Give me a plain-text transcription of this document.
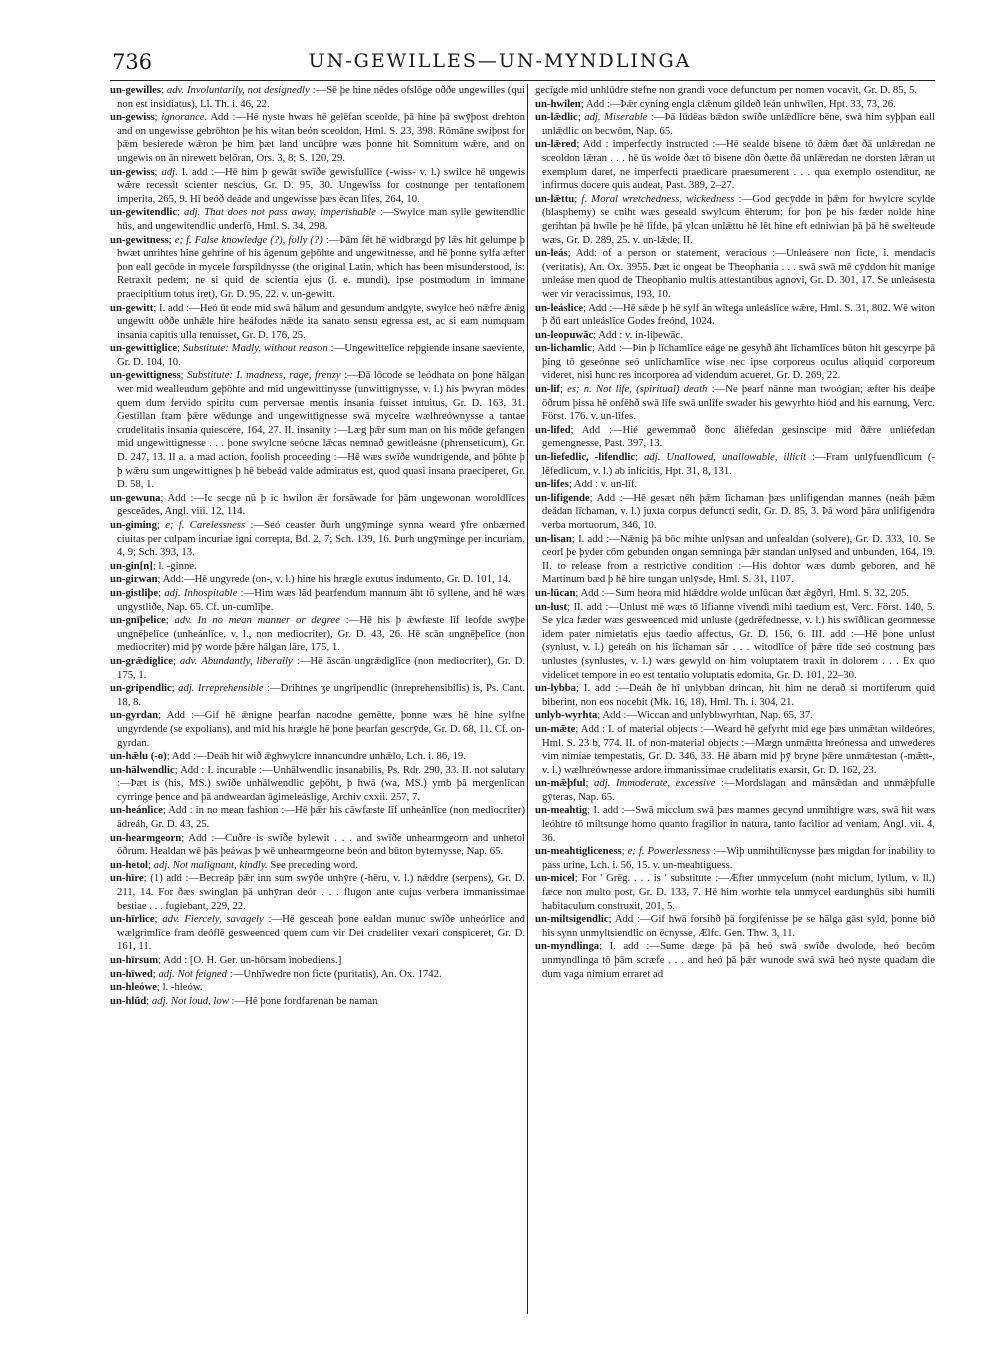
736	UN-GEWILLES—UN-MYNDLINGA

un-gewilles; adv. Involuntarily, not designedly :—Sē þe hine nēdes ofslōge oððe ungewilles (qui non est insidiatus), Ll. Th. i. 46, 22.

un-gewiss; ignorance. Add :—Hē nyste hwæs hē gelēfan sceolde, þā hine þā swȳþost drehton and on ungewisse gebrōhton þe his witan beón sceoldon, Hml. S. 23, 398. Rōmāne swiþost for þǣm besierede wǣron þe him þæt land uncūþre wæs þonne hit Somnitum wǣre, and on ungewis on ān nirewett belōran, Ors. 3, 8; S. 120, 29.

un-gewiss; adj. I. add :—Hē him þ gewāt swīðe gewisfullīce (-wiss- v. l.) swilce hē ungewis wǣre recessit scienter nescius, Gr. D. 95, 30. Ungewiss for costnunge per tentationem imperita, 265, 9. Hī beóð deáde and ungewisse þæs ēcan līfes, 264, 10.

un-gewitendlic; adj. That does not pass away, imperishable :—Swylce man sylle gewitendlic hūs, and ungewitendlic underfō, Hml. S. 34, 298.

un-gewitness; e; f. False knowledge (?), folly (?) :—Þām fēt hē widbrægd þȳ lǣs hit gelumpe þ hwæt unrihtes hine gehrine of his āgenum geþōhte and ungewitnesse, and hē þonne sylfa æfter þon eall gecōde in mycele forspildnysse (the original Latin, which has been misunderstood, is: Retraxit pedem; ne si quid de scientia ejus (i. e. mundi), ipse postmodum in immane praecipitium totus iret), Gr. D. 95, 22. v. un-gewitt.

un-gewitt; I. add :—Heó ūt eode mid swā hālum and gesundum andgyte, swylce heó nǣfre ǣnig ungewitt oððe unhǣle hire heáfodes nǣde ita sanato sensu egressa est, ac si eam numquam insania capitis ulla tenuisset, Gr. D. 176, 25.

un-gewittiglice; Substitute: Madly, without reason :—Ungewittelīce reþgiende insane saeviente, Gr. D. 104, 10.

un-gewittigness; Substitute: I. madness, rage, frenzy :—Ðā lōcode se leódhata on þone hālgan wer mid wealleudum geþōhte and mid ungewittinysse (unwittignysse, v. l.) his þwyran mōdes quem dum fervido spiritu cum perversae mentis insania fuisset intuitus, Gr. D. 163, 31. Gestillan fram þǣre wēdunge and ungewittignesse swā mycelre wælhreównysse a tantae crudelitatis insania quiescere, 164, 27. II. insanity :—Læg þǣr sum man on his mōde gefangen mid ungewittignesse . . . þone swylcne seócne lǣcas nemnað gewitleásne (phrenseticum), Gr. D. 247, 13. II a. a mad action, foolish proceeding :—Hē wæs swīðe wundrigende, and þōhte þ þ wǣru sum ungewittignes þ hē bebeád valde admiratus est, quod quasi insana praeciperet, Gr. D. 58, 1.

un-gewuna; Add :—Ic secge nū þ ic hwilon ǣr forsāwade for þām ungewonan woroldlīces gesceādes, Angl. viii. 12, 114.

un-giming; e; f. Carelessness :—Seó ceaster ðurh ungȳminge synna weard ȳfre onbærned ciuitas per culpam incuriae igni correpta, Bd. 2, 7; Sch. 139, 16. Þurh ungȳminge per incuriam, 4, 9; Sch. 393, 13.

un-gin[n]; l. -ginne.

un-girwan; Add:—Hē ungyrede (on-, v. l.) hine his hrægle exutus indumento, Gr. D. 101, 14.

un-gistliþe; adj. Inhospitable :—Him wæs lād þearfendum mannum āht tō syllene, and hē wæs ungystliðe, Nap. 65. Cf. un-cumlīþe.

un-gnīþelice; adv. In no mean manner or degree :—Hē his þ ǣwfæste līf leofde swȳþe ungnēþelīce (unheánlīce, v. l., non mediocriter), Gr. D. 43, 26. Hē scān ungnēþelīce (non mediocriter) mid þȳ worde þǣre hālgan lāre, 175, 1.

un-grǣdiglice; adv. Abundantly, liberally :—Hē āscān ungrǣdiglīce (non mediocriter), Gr. D. 175, 1.

un-gripendlic; adj. Irreprehensible :—Drihtnes ʒe ungrīpendlic (inreprehensibilis) is, Ps. Cant. 18, 8.

un-gyrdan; Add :—Gif hē ǣnigne þearfan nacodne gemētte, þonne wæs hē hine sylfne ungyrdende (se expolians), and mid his hrægle hē þone þearfan gescrȳde, Gr. D. 68, 11. Cf. on-gyrdan.

un-hǣlu (-o); Add :—Deáh hit wið ǣghwylcre innancundre unhǣlo, Lch. i. 86, 19.

un-hālwendlic; Add : I. incurable :—Unhālwendlic insanabilis, Ps. Rdr. 290, 33. II. not salutary :—Þæt is (his, MS.) swīðe unhālwendlic geþōht, þ hwā (wa, MS.) ymb þā mergenlīcan cyrringe þence and þā andweardan āgimeleáslige, Archiv cxxii. 257, 7.

un-heánlice; Add : in no mean fashion :—Hē þǣr his cāwfæste līf unheánlīce (non mediocriter) ādreáh, Gr. D. 43, 25.

un-hearmgeorn; Add :—Cuðre is swīðe bylewit . . . and swīðe unhearmgeorn and unhetol ōðrum. Healdan wē þās þeáwas þ wē unhearmgeorne beón and būton byternysse, Nap. 65.

un-hetol; adj. Not malignant, kindly. See preceding word.

un-hīre; (1) add :—Becreáp þǣr inn sum swȳðe unhȳre (-hēru, v. l.) nǣddre (serpens), Gr. D. 211, 14. For ðæs swinglan þā unhȳran deór . . . flugon ante cujus verbera immanissimae bestiae . . . fugiebant, 229, 22.

un-hīrlice; adv. Fiercely, savagely :—Hē gesceah þone ealdan munuc swīðe unheórlīce and wælgrimlīce fram deóflē gesweenced quem cum vir Dei crudeliter vexari conspiceret, Gr. D. 161, 11.

un-hīrsum; Add : [O. H. Ger. un-hōrsam inobediens.]

un-hīwed; adj. Not feigned :—Unhīwedre non ficte (puritatis), An. Ox. 1742.

un-hleówe; l. -hleów.

un-hlūd; adj. Not loud, low :—Hē þone fordfarenan be naman

gecīgde mid unhlūdre stefne non grandi voce defunctum per nomen vocavit, Gr. D. 85, 5.

un-hwilen; Add :—Þǣr cyning engla clǣnum gildeð leán unhwīlen, Hpt. 33, 73, 26.

un-lǣdlic; adj. Miserable :—Þā Iūdēas bǣdon swīðe unlǣdlīcre bēne, swā him syþþan eall unlǣdlic on becwōm, Nap. 65.

un-lǣred; Add : imperfectly instructed :—Hē sealde bisene tō ðǣm ðæt ðā unlǣredan ne sceoldon lǣran . . . hē ūs wolde ðæt tō bisene dōn ðætte ðā unlǣredan ne dorsten lǣran ut exemplum daret, ne imperfecti praedicare praesumerent . . . qua exemplo ostenditur, ne infirmus docere quis audeat, Past. 389, 2–27.

un-lǣttu; f. Moral wretchedness, wickedness :—God gecȳdde in þǣm for hwylcre scylde (blasphemy) se cniht wæs geseald swylcum ēhterum; for þon þe his fæder nolde hine gerihtan þā hwīle þe hē līfde, þā ylcan unlǣttu hē lēt hine eft edniwian þā þā hē swelteude wæs, Gr. D. 289, 25. v. un-lǣde; II.

un-leás; Add: of a person or statement, veracious :—Unleásere non ficte, i. mendacis (veritatis), An. Ox. 3955. Þæt ic ongeat be Theophania . . . swā swā mē cȳddon hit manige unleáse men quod de Theophanio multis attestantibus agnovi, Gr. D. 301, 17. Se unleásesta wer vir veracissimus, 193, 10.

un-leáslice; Add :—Hē sǣde þ hē sylf ān wītega unleáslīce wǣre, Hml. S. 31, 802. Wē witon þ ðū eart unleáslīce Godes freónd, 1024.

un-leopuwāc; Add : v. in-liþewāc.

un-lichamlic; Add :—Þin þ līchamlīce eáge ne gesyhð āht līchamlīces būton hit gescyrpe þā þing tō geseónne seó unlīchamlīce wise nec ipse corporeus oculus aliquid corporeum videret, nisi hunc res incorporea ad videndum acueret, Gr. D. 269, 22.

un-lif; es; n. Not life, (spiritual) death :—Ne þearf nānne man twoógian; æfter his deáþe ōðrum þissa hē onfēhð swā līfe swā unlīfe swader his gewyrhto hiód and his earnung, Verc. Först. 176. v. un-līfes.

un-lifed; Add :—Hié gewemmað ðonc āliéfedan gesinscipe mid ðǣre unliéfedan gemengnesse, Past. 397, 13.

un-liefedlic, -lifendlic; adj. Unallowed, unallowable, illicit :—Fram unlȳfuendlicum (-lēfedlicum, v. l.) ab inlicitis, Hpt. 31, 8, 131.

un-lifes; Add : v. un-līf.

un-lifigende; Add :—Hē gesæt nēh þǣm līchaman þæs unlifigendan mannes (neáh þǣm deádan līchaman, v. l.) juxta corpus defuncti sedit, Gr. D. 85, 3. Þā word þāra unlifigendra verba mortuorum, 346, 10.

un-lisan; I. add :—Nǣnig þā bōc mihte unlȳsan and unfealdan (solvere), Gr. D. 333, 10. Se ceorl þe þyder cōm gebunden ongan semninga þǣr standan unlȳsed and unbunden, 164, 19. II. to release from a restrictive condition :—His dohtor wæs dumb geboren, and hē Martinum bæd þ hē hire tungan unlȳsde, Hml. S. 31, 1107.

un-lūcan; Add :—Sum heora mid hlǣddre wolde unlūcan ðæt ǣgðyrl, Hml. S. 32, 205.

un-lust; II. add :—Unlust mē wæs tō lifianne vivendi mihi taedium est, Verc. Först. 140, 5. Se ylca fæder wæs gesweenced mid unluste (gedrēfednesse, v. l.) his swīðlican geornnesse idem pater nimietatis ejus taedio affectus, Gr. D. 156, 6. III. add :—Hē þone unlust (synlust, v. l.) geteáh on his līchaman sār . . . witodlīce of þǣre tīde seó costnung þæs unlustes (synlustes, v. l.) wæs gewyld on him voluptatem traxit in dolorem . . . Ex quo videlicet tempore in eo est tentatio voluptatis edomita, Gr. D. 101, 22–30.

un-lybba; I. add :—Deáh ðe hī unlybban drincan, hit him ne derað si mortiferum quid biberint, non eos nocebit (Mk. 16, 18), Hml. Th. i. 304, 21.

unlyb-wyrhta; Add :—Wiccan and unlybbwyrhtan, Nap. 65, 37.

un-mǣte; Add : I. of material objects :—Weard hē gefyrht mid ege þæs unmǣtan wildeóres, Hml. S. 23 b, 774. II. of non-material objects :—Mægn unmǣtta hreónessa and unwederes vim nimiae tempestatis, Gr. D. 346, 33. Hē ābarn mid þȳ bryne þǣre unmǣtestan (-mǣtt-, v. l.) wælhreównesse ardore immanissimae crudelitatis exarsit, Gr. D. 162, 23.

un-mǣþful; adj. Immoderate, excessive :—Mordslagan and mānsǣdan and unmǣþfulle gȳteras, Nap. 65.

un-meahtig; I. add :—Swā micclum swā þæs mannes gecynd unmihtigre wæs, swā hit wæs leóhtre tō miltsunge homo quanto fragilior in natura, tanto facilior ad veniam, Angl. vii. 4, 36.

un-meahtigliceness; e; f. Powerlessness :—Wiþ unmihtilīcnysse þæs migdan for inability to pass urine, Lch. i. 56, 15. v. un-meahtiguess.

un-micel; For ' Grēg. . . . is ' substitute :—Æfter unmycelum (noht miclum, lytlum, v. ll.) fæce non multo post, Gr. D. 133, 7. Hē him worhte tela unmycel eardunghūs sibi humili habitaculum construxit, 201, 5.

un-miltsigendlic; Add :—Gif hwā forsihð þā forgifenisse þe se hālga gāst syld, þonne bið his synn unmyltsiendlic on ēcnysse, Ælfc. Gen. Thw. 3, 11.

un-myndlinga; I. add :—Sume dæge þā þā heó swā swīðe dwolode, heó becōm unmyndlinga tō þām scræfe . . . and heó þā þǣr wunode swā swā heó nyste quadam die dum vaga nimium erraret ad
